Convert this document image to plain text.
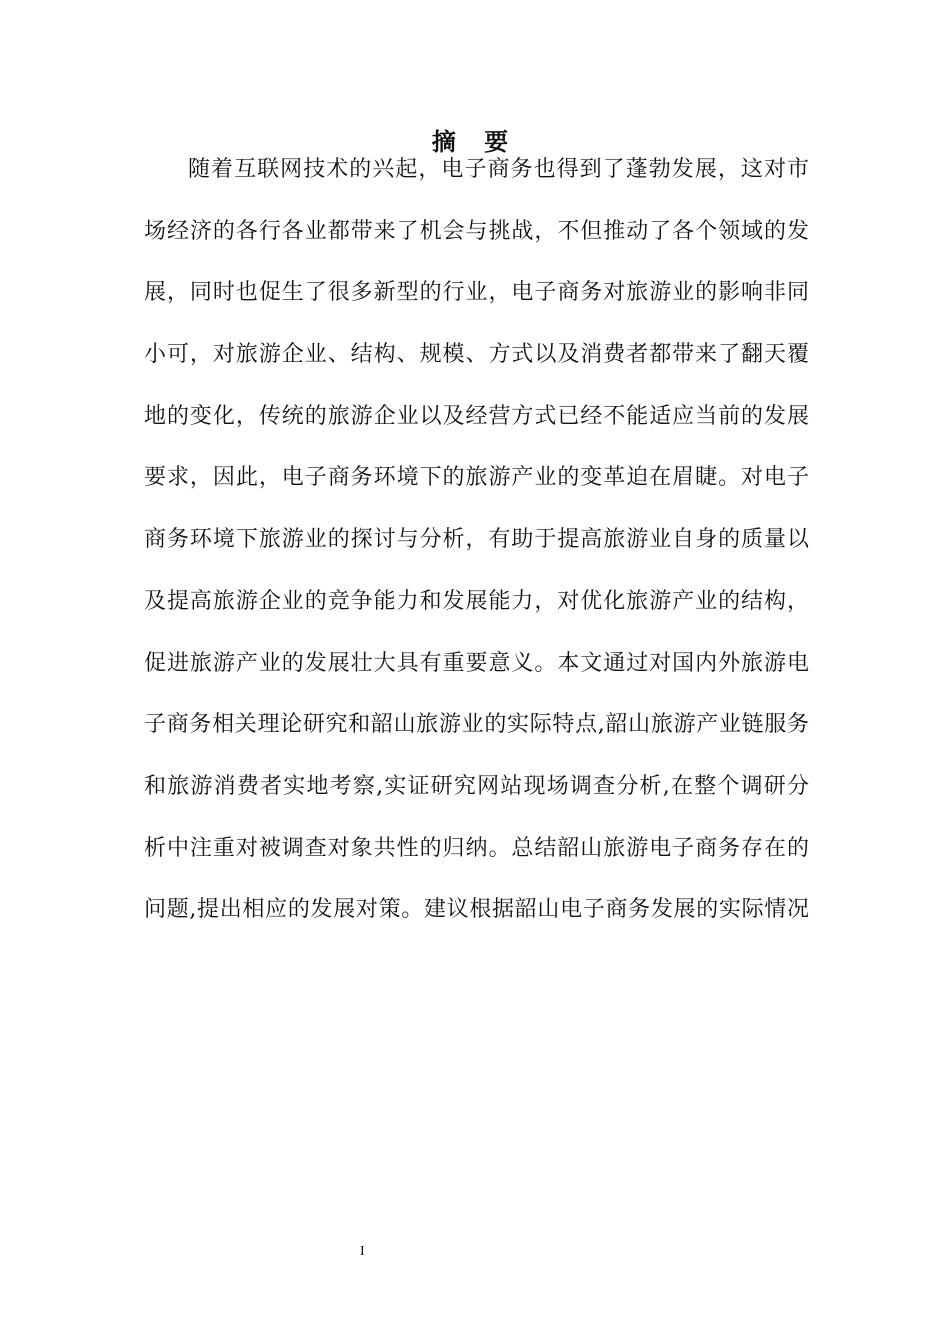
摘 要
随着互联网技术的兴起，电子商务也得到了蓬勃发展，这对市
场经济的各行各业都带来了机会与挑战，不但推动了各个领域的发
展，同时也促生了很多新型的行业，电子商务对旅游业的影响非同
小可，对旅游企业、结构、规模、方式以及消费者都带来了翻天覆
地的变化，传统的旅游企业以及经营方式已经不能适应当前的发展
要求，因此，电子商务环境下的旅游产业的变革迫在眉睫。对电子
商务环境下旅游业的探讨与分析，有助于提高旅游业自身的质量以
及提高旅游企业的竞争能力和发展能力，对优化旅游产业的结构，
促进旅游产业的发展壮大具有重要意义。本文通过对国内外旅游电
子商务相关理论研究和韶山旅游业的实际特点,韶山旅游产业链服务
和旅游消费者实地考察,实证研究网站现场调查分析,在整个调研分
析中注重对被调查对象共性的归纳。总结韶山旅游电子商务存在的
问题,提出相应的发展对策。建议根据韶山电子商务发展的实际情况
I
